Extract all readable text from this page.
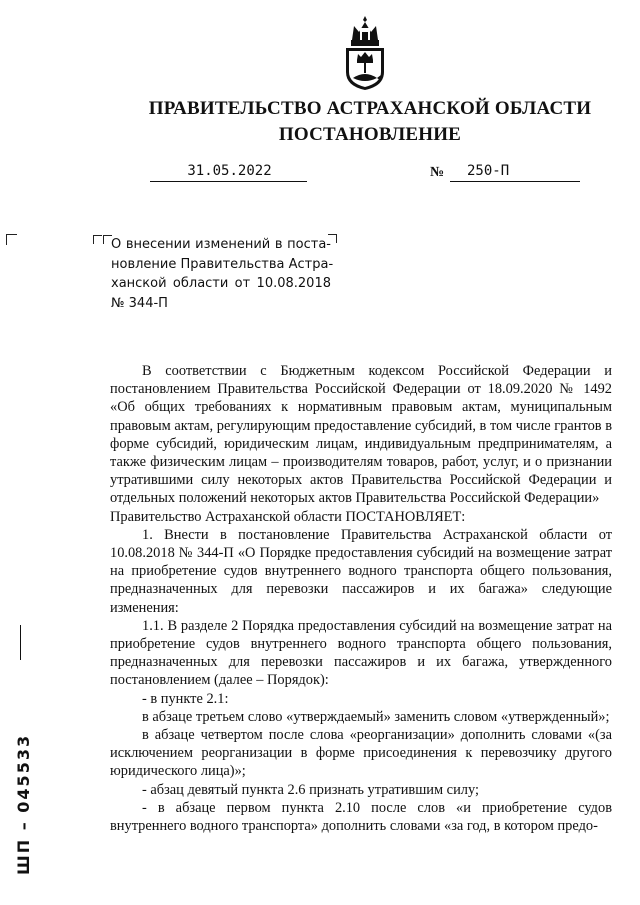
ПРАВИТЕЛЬСТВО АСТРАХАНСКОЙ ОБЛАСТИ
ПОСТАНОВЛЕНИЕ
31.05.2022	№	250-П
О внесении изменений в поста-
новление Правительства Астра-
ханской области от 10.08.2018
№ 344-П

В соответствии с Бюджетным кодексом Российской Федерации и постановлением Правительства Российской Федерации от 18.09.2020 № 1492 «Об общих требованиях к нормативным правовым актам, муниципальным правовым актам, регулирующим предоставление субсидий, в том числе грантов в форме субсидий, юридическим лицам, индивидуальным предпринимателям, а также физическим лицам – производителям товаров, работ, услуг, и о признании утратившими силу некоторых актов Правительства Российской Федерации и отдельных положений некоторых актов Правительства Российской Федерации»

Правительство Астраханской области ПОСТАНОВЛЯЕТ:

1. Внести в постановление Правительства Астраханской области от 10.08.2018 № 344-П «О Порядке предоставления субсидий на возмещение затрат на приобретение судов внутреннего водного транспорта общего пользования, предназначенных для перевозки пассажиров и их багажа» следующие изменения:

1.1. В разделе 2 Порядка предоставления субсидий на возмещение затрат на приобретение судов внутреннего водного транспорта общего пользования, предназначенных для перевозки пассажиров и их багажа, утвержденного постановлением (далее – Порядок):

- в пункте 2.1:

в абзаце третьем слово «утверждаемый» заменить словом «утвержденный»;

в абзаце четвертом после слова «реорганизации» дополнить словами «(за исключением реорганизации в форме присоединения к перевозчику другого юридического лица)»;

- абзац девятый пункта 2.6 признать утратившим силу;

- в абзаце первом пункта 2.10 после слов «и приобретение судов внутреннего водного транспорта» дополнить словами «за год, в котором предо-

ШП – 045533
